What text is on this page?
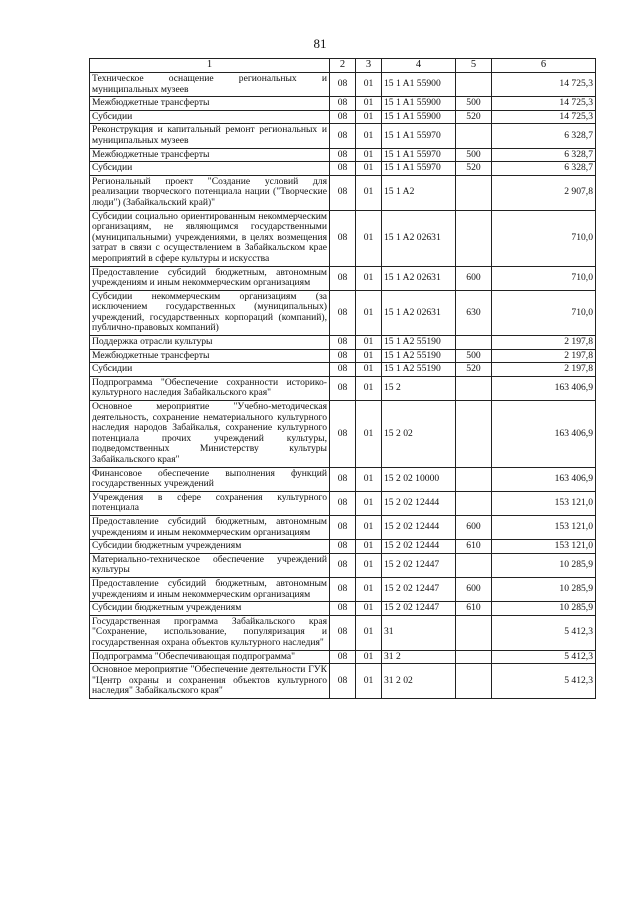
81
1	2	3	4	5	6
Техническое оснащение региональных и муниципальных музеев	08	01	15 1 A1 55900		14 725,3
Межбюджетные трансферты	08	01	15 1 A1 55900	500	14 725,3
Субсидии	08	01	15 1 A1 55900	520	14 725,3
Реконструкция и капитальный ремонт региональных и муниципальных музеев	08	01	15 1 A1 55970		6 328,7
Межбюджетные трансферты	08	01	15 1 A1 55970	500	6 328,7
Субсидии	08	01	15 1 A1 55970	520	6 328,7
Региональный проект "Создание условий для реализации творческого потенциала нации ("Творческие люди") (Забайкальский край)"	08	01	15 1 A2		2 907,8
Субсидии социально ориентированным некоммерческим организациям, не являющимся государственными (муниципальными) учреждениями, в целях возмещения затрат в связи с осуществлением в Забайкальском крае мероприятий в сфере культуры и искусства	08	01	15 1 A2 02631		710,0
Предоставление субсидий бюджетным, автономным учреждениям и иным некоммерческим организациям	08	01	15 1 A2 02631	600	710,0
Субсидии некоммерческим организациям (за исключением государственных (муниципальных) учреждений, государственных корпораций (компаний), публично-правовых компаний)	08	01	15 1 A2 02631	630	710,0
Поддержка отрасли культуры	08	01	15 1 A2 55190		2 197,8
Межбюджетные трансферты	08	01	15 1 A2 55190	500	2 197,8
Субсидии	08	01	15 1 A2 55190	520	2 197,8
Подпрограмма "Обеспечение сохранности историко-культурного наследия Забайкальского края"	08	01	15 2		163 406,9
Основное мероприятие "Учебно-методическая деятельность, сохранение нематериального культурного наследия народов Забайкалья, сохранение культурного потенциала прочих учреждений культуры, подведомственных Министерству культуры Забайкальского края"	08	01	15 2 02		163 406,9
Финансовое обеспечение выполнения функций государственных учреждений	08	01	15 2 02 10000		163 406,9
Учреждения в сфере сохранения культурного потенциала	08	01	15 2 02 12444		153 121,0
Предоставление субсидий бюджетным, автономным учреждениям и иным некоммерческим организациям	08	01	15 2 02 12444	600	153 121,0
Субсидии бюджетным учреждениям	08	01	15 2 02 12444	610	153 121,0
Материально-техническое обеспечение учреждений культуры	08	01	15 2 02 12447		10 285,9
Предоставление субсидий бюджетным, автономным учреждениям и иным некоммерческим организациям	08	01	15 2 02 12447	600	10 285,9
Субсидии бюджетным учреждениям	08	01	15 2 02 12447	610	10 285,9
Государственная программа Забайкальского края "Сохранение, использование, популяризация и государственная охрана объектов культурного наследия"	08	01	31		5 412,3
Подпрограмма "Обеспечивающая подпрограмма"	08	01	31 2		5 412,3
Основное мероприятие "Обеспечение деятельности ГУК "Центр охраны и сохранения объектов культурного наследия" Забайкальского края"	08	01	31 2 02		5 412,3
